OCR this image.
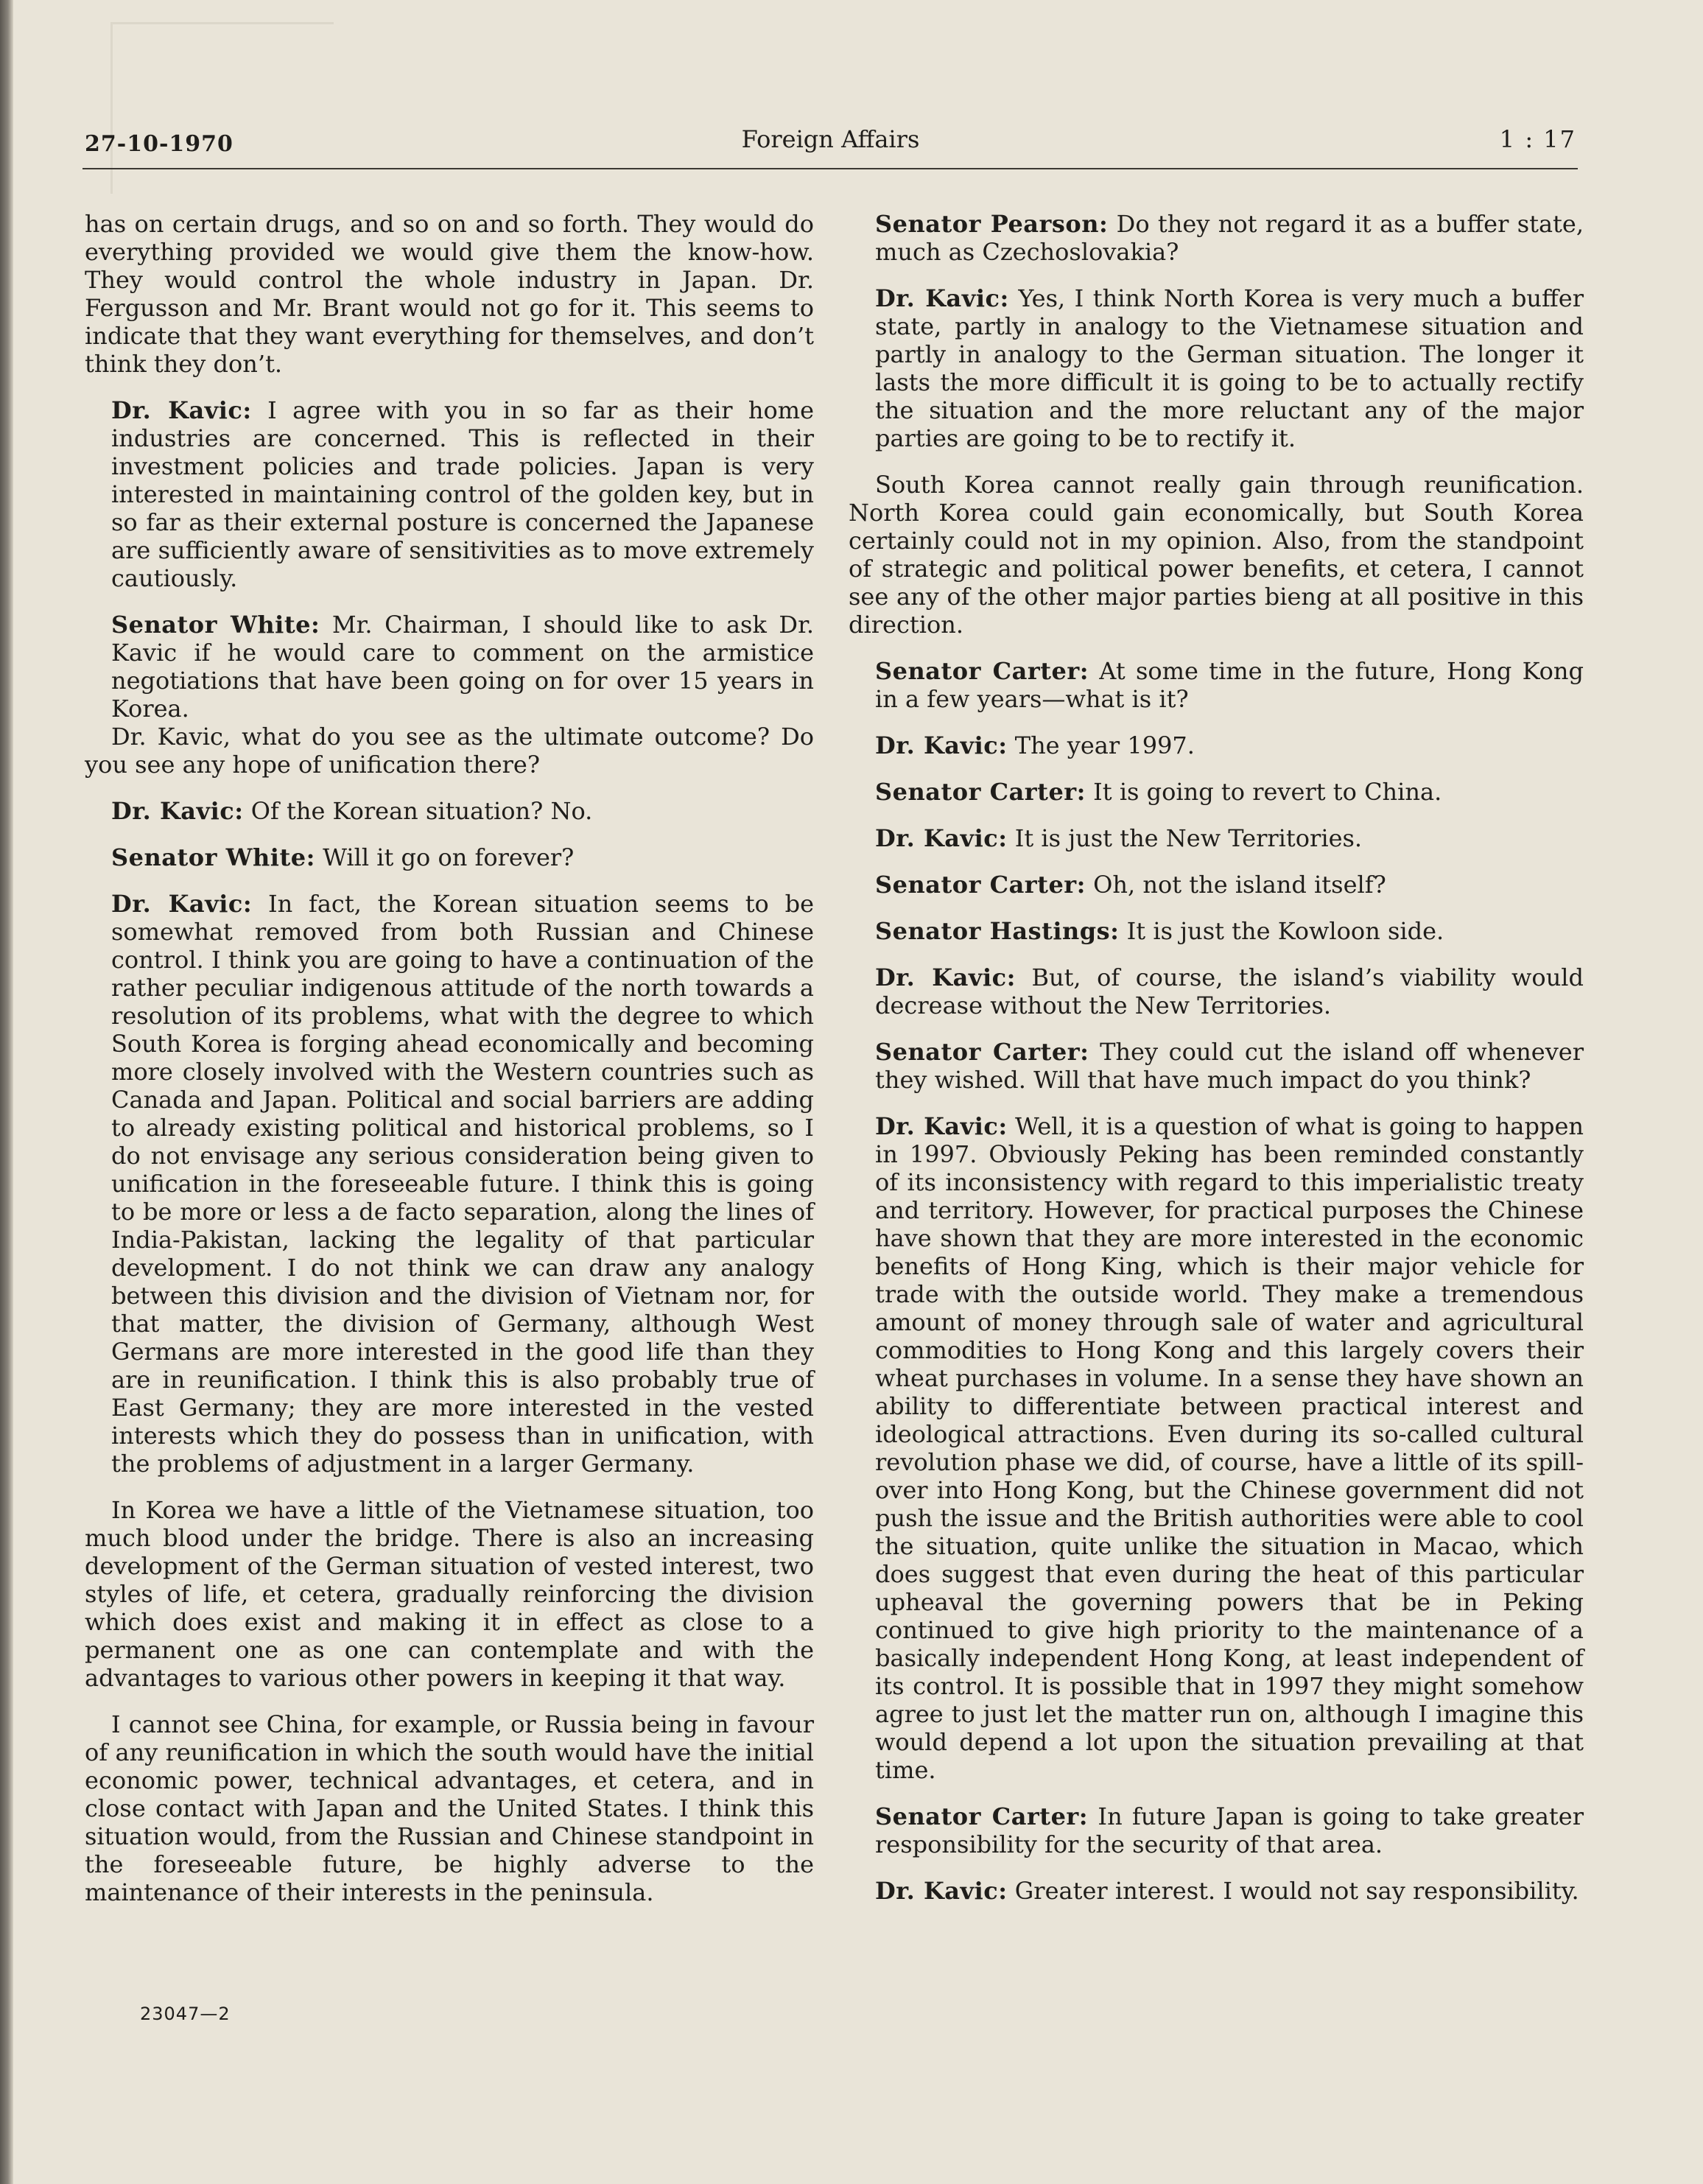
27-10-1970	Foreign Affairs	1 : 17

has on certain drugs, and so on and so forth. They would do everything provided we would give them the know-how. They would control the whole industry in Japan. Dr. Fergusson and Mr. Brant would not go for it. This seems to indicate that they want everything for themselves, and don’t think they don’t.

Dr. Kavic: I agree with you in so far as their home industries are concerned. This is reflected in their investment policies and trade policies. Japan is very interested in maintaining control of the golden key, but in so far as their external posture is concerned the Japanese are sufficiently aware of sensitivities as to move extremely cautiously.

Senator White: Mr. Chairman, I should like to ask Dr. Kavic if he would care to comment on the armistice negotiations that have been going on for over 15 years in Korea.

Dr. Kavic, what do you see as the ultimate outcome? Do you see any hope of unification there?

Dr. Kavic: Of the Korean situation? No.

Senator White: Will it go on forever?

Dr. Kavic: In fact, the Korean situation seems to be somewhat removed from both Russian and Chinese control. I think you are going to have a continuation of the rather peculiar indigenous attitude of the north towards a resolution of its problems, what with the degree to which South Korea is forging ahead economically and becoming more closely involved with the Western countries such as Canada and Japan. Political and social barriers are adding to already existing political and historical problems, so I do not envisage any serious consideration being given to unification in the foreseeable future. I think this is going to be more or less a de facto separation, along the lines of India-Pakistan, lacking the legality of that particular development. I do not think we can draw any analogy between this division and the division of Vietnam nor, for that matter, the division of Germany, although West Germans are more interested in the good life than they are in reunification. I think this is also probably true of East Germany; they are more interested in the vested interests which they do possess than in unification, with the problems of adjustment in a larger Germany.

In Korea we have a little of the Vietnamese situation, too much blood under the bridge. There is also an increasing development of the German situation of vested interest, two styles of life, et cetera, gradually reinforcing the division which does exist and making it in effect as close to a permanent one as one can contemplate and with the advantages to various other powers in keeping it that way.

I cannot see China, for example, or Russia being in favour of any reunification in which the south would have the initial economic power, technical advantages, et cetera, and in close contact with Japan and the United States. I think this situation would, from the Russian and Chinese standpoint in the foreseeable future, be highly adverse to the maintenance of their interests in the peninsula.

Senator Pearson: Do they not regard it as a buffer state, much as Czechoslovakia?

Dr. Kavic: Yes, I think North Korea is very much a buffer state, partly in analogy to the Vietnamese situation and partly in analogy to the German situation. The longer it lasts the more difficult it is going to be to actually rectify the situation and the more reluctant any of the major parties are going to be to rectify it.

South Korea cannot really gain through reunification. North Korea could gain economically, but South Korea certainly could not in my opinion. Also, from the standpoint of strategic and political power benefits, et cetera, I cannot see any of the other major parties bieng at all positive in this direction.

Senator Carter: At some time in the future, Hong Kong in a few years—what is it?

Dr. Kavic: The year 1997.

Senator Carter: It is going to revert to China.

Dr. Kavic: It is just the New Territories.

Senator Carter: Oh, not the island itself?

Senator Hastings: It is just the Kowloon side.

Dr. Kavic: But, of course, the island’s viability would decrease without the New Territories.

Senator Carter: They could cut the island off whenever they wished. Will that have much impact do you think?

Dr. Kavic: Well, it is a question of what is going to happen in 1997. Obviously Peking has been reminded constantly of its inconsistency with regard to this imperialistic treaty and territory. However, for practical purposes the Chinese have shown that they are more interested in the economic benefits of Hong King, which is their major vehicle for trade with the outside world. They make a tremendous amount of money through sale of water and agricultural commodities to Hong Kong and this largely covers their wheat purchases in volume. In a sense they have shown an ability to differentiate between practical interest and ideological attractions. Even during its so-called cultural revolution phase we did, of course, have a little of its spill-over into Hong Kong, but the Chinese government did not push the issue and the British authorities were able to cool the situation, quite unlike the situation in Macao, which does suggest that even during the heat of this particular upheaval the governing powers that be in Peking continued to give high priority to the maintenance of a basically independent Hong Kong, at least independent of its control. It is possible that in 1997 they might somehow agree to just let the matter run on, although I imagine this would depend a lot upon the situation prevailing at that time.

Senator Carter: In future Japan is going to take greater responsibility for the security of that area.

Dr. Kavic: Greater interest. I would not say responsibility.

23047—2
